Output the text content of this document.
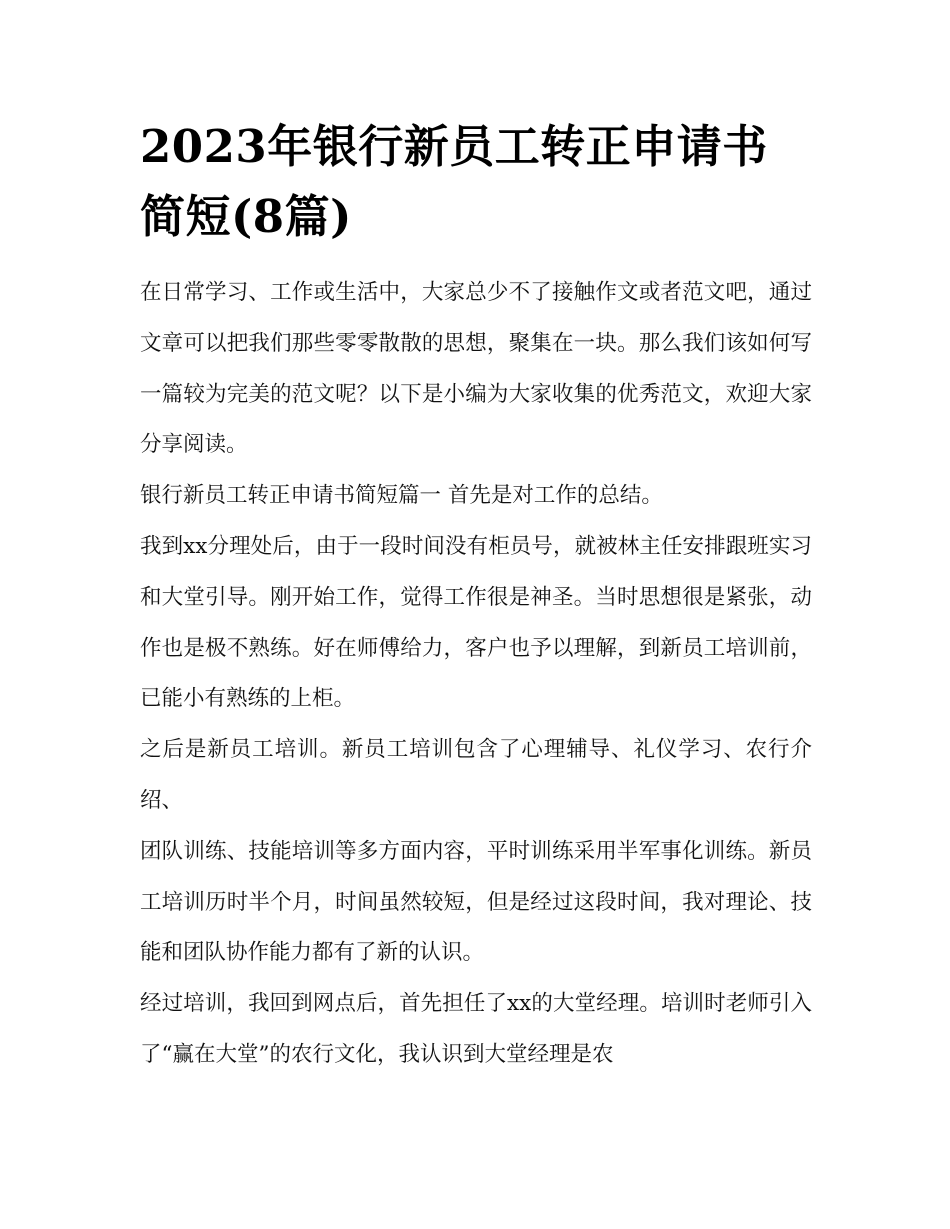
2023年银行新员工转正申请书简短(8篇)

在日常学习、工作或生活中，大家总少不了接触作文或者范文吧，通过文章可以把我们那些零零散散的思想，聚集在一块。那么我们该如何写一篇较为完美的范文呢？以下是小编为大家收集的优秀范文，欢迎大家分享阅读。

银行新员工转正申请书简短篇一 首先是对工作的总结。

我到xx分理处后，由于一段时间没有柜员号，就被林主任安排跟班实习和大堂引导。刚开始工作，觉得工作很是神圣。当时思想很是紧张，动作也是极不熟练。好在师傅给力，客户也予以理解，到新员工培训前，已能小有熟练的上柜。

之后是新员工培训。新员工培训包含了心理辅导、礼仪学习、农行介绍、

团队训练、技能培训等多方面内容，平时训练采用半军事化训练。新员工培训历时半个月，时间虽然较短，但是经过这段时间，我对理论、技能和团队协作能力都有了新的认识。

经过培训，我回到网点后，首先担任了xx的大堂经理。培训时老师引入了“赢在大堂”的农行文化，我认识到大堂经理是农
